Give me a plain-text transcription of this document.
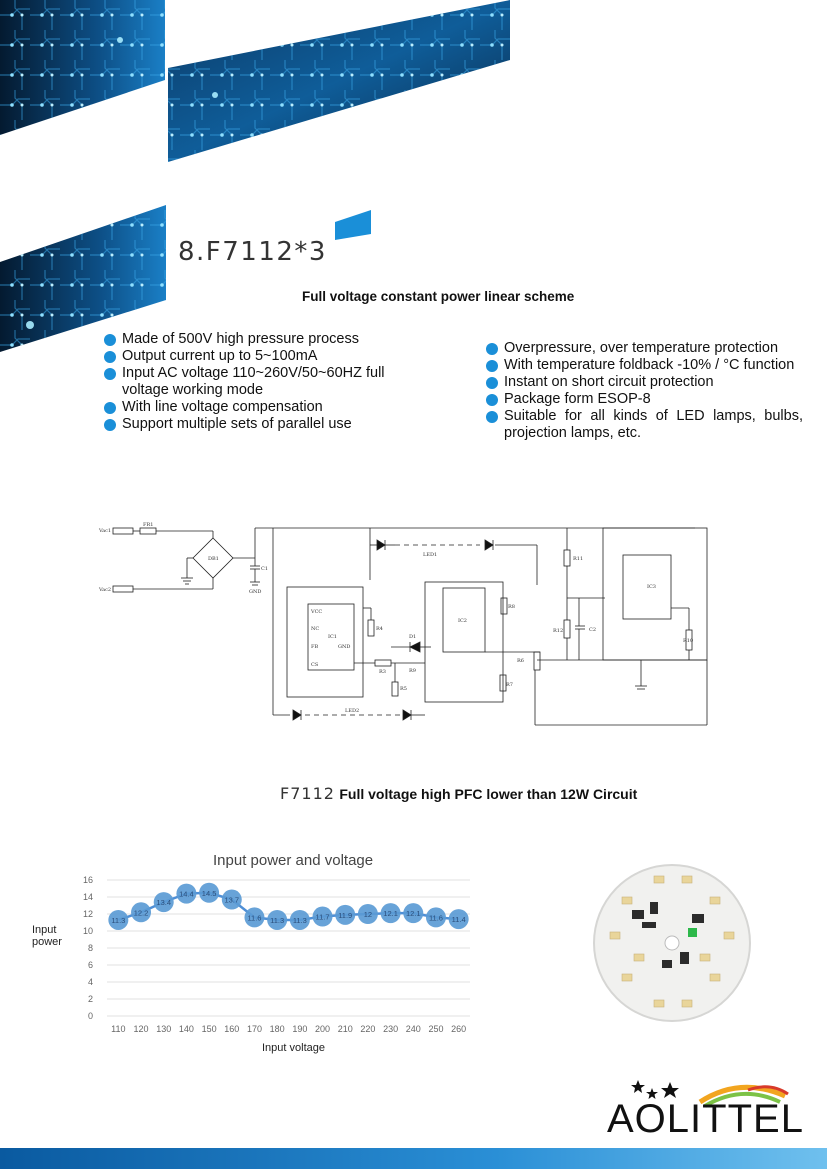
8.F7112*3
Full voltage constant power linear scheme
Made of 500V high pressure process
Output current up to 5~100mA
Input AC voltage 110~260V/50~60HZ full voltage working mode
With line voltage compensation
Support multiple sets of parallel use
Overpressure, over temperature protection
With temperature foldback -10% / °C function
Instant on short circuit protection
Package form ESOP-8
Suitable for all kinds of LED lamps, bulbs, projection lamps, etc.
Vac1
Vac2
FR1
DB1
C1
GND
LED1
LED2
IC1
IC2
IC3
VCC
NC
FB
CS
GND
R4
R3
R5
D1
R9
R8
R6
R7
R11
R12	C2
R10
F7112 Full voltage high PFC lower than 12W Circuit
Input power and voltage
Input power
Input voltage
0
2
4
6
8
10
12
14
16
110 120 130 140 150 160 170 180 190 200 210 220 230 240 250 260
11.3
12.2
13.4
14.4 14.5
13.7
11.6 11.3 11.3 11.7 11.9 12 12.1 12.1 11.6 11.4
AOLITTEL
